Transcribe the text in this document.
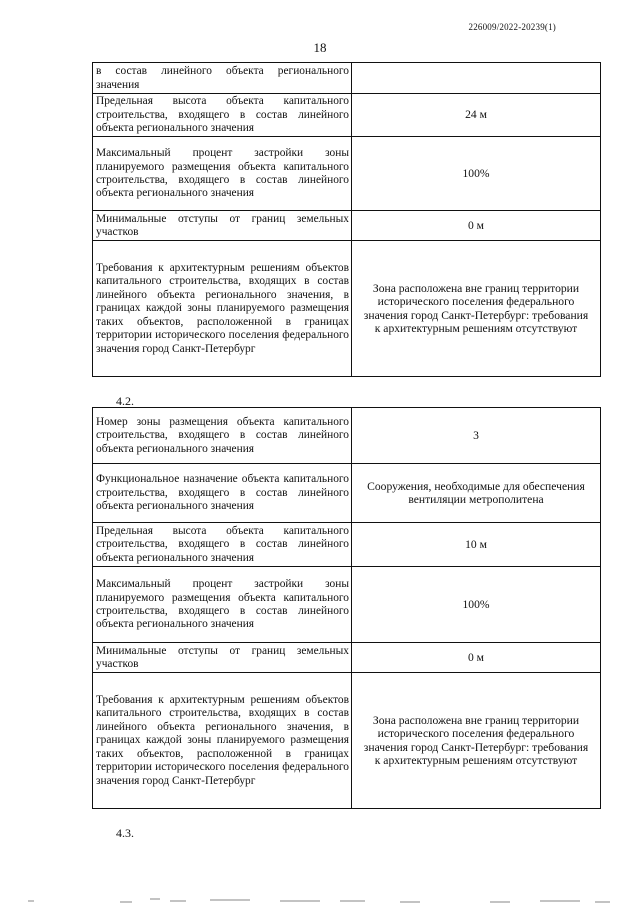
226009/2022-20239(1)
18
в состав линейного объекта регионального значения	
Предельная высота объекта капитального строительства, входящего в состав линейного объекта регионального значения	24 м
Максимальный процент застройки зоны планируемого размещения объекта капитального строительства, входящего в состав линейного объекта регионального значения	100%
Минимальные отступы от границ земельных участков	0 м
Требования к архитектурным решениям объектов капитального строительства, входящих в состав линейного объекта регионального значения, в границах каждой зоны планируемого размещения таких объектов, расположенной в границах территории исторического поселения федерального значения город Санкт-Петербург	Зона расположена вне границ территории исторического поселения федерального значения город Санкт-Петербург: требования к архитектурным решениям отсутствуют
4.2.
Номер зоны размещения объекта капитального строительства, входящего в состав линейного объекта регионального значения	3
Функциональное назначение объекта капитального строительства, входящего в состав линейного объекта регионального значения	Сооружения, необходимые для обеспечения вентиляции метрополитена
Предельная высота объекта капитального строительства, входящего в состав линейного объекта регионального значения	10 м
Максимальный процент застройки зоны планируемого размещения объекта капитального строительства, входящего в состав линейного объекта регионального значения	100%
Минимальные отступы от границ земельных участков	0 м
Требования к архитектурным решениям объектов капитального строительства, входящих в состав линейного объекта регионального значения, в границах каждой зоны планируемого размещения таких объектов, расположенной в границах территории исторического поселения федерального значения город Санкт-Петербург	Зона расположена вне границ территории исторического поселения федерального значения город Санкт-Петербург: требования к архитектурным решениям отсутствуют
4.3.
